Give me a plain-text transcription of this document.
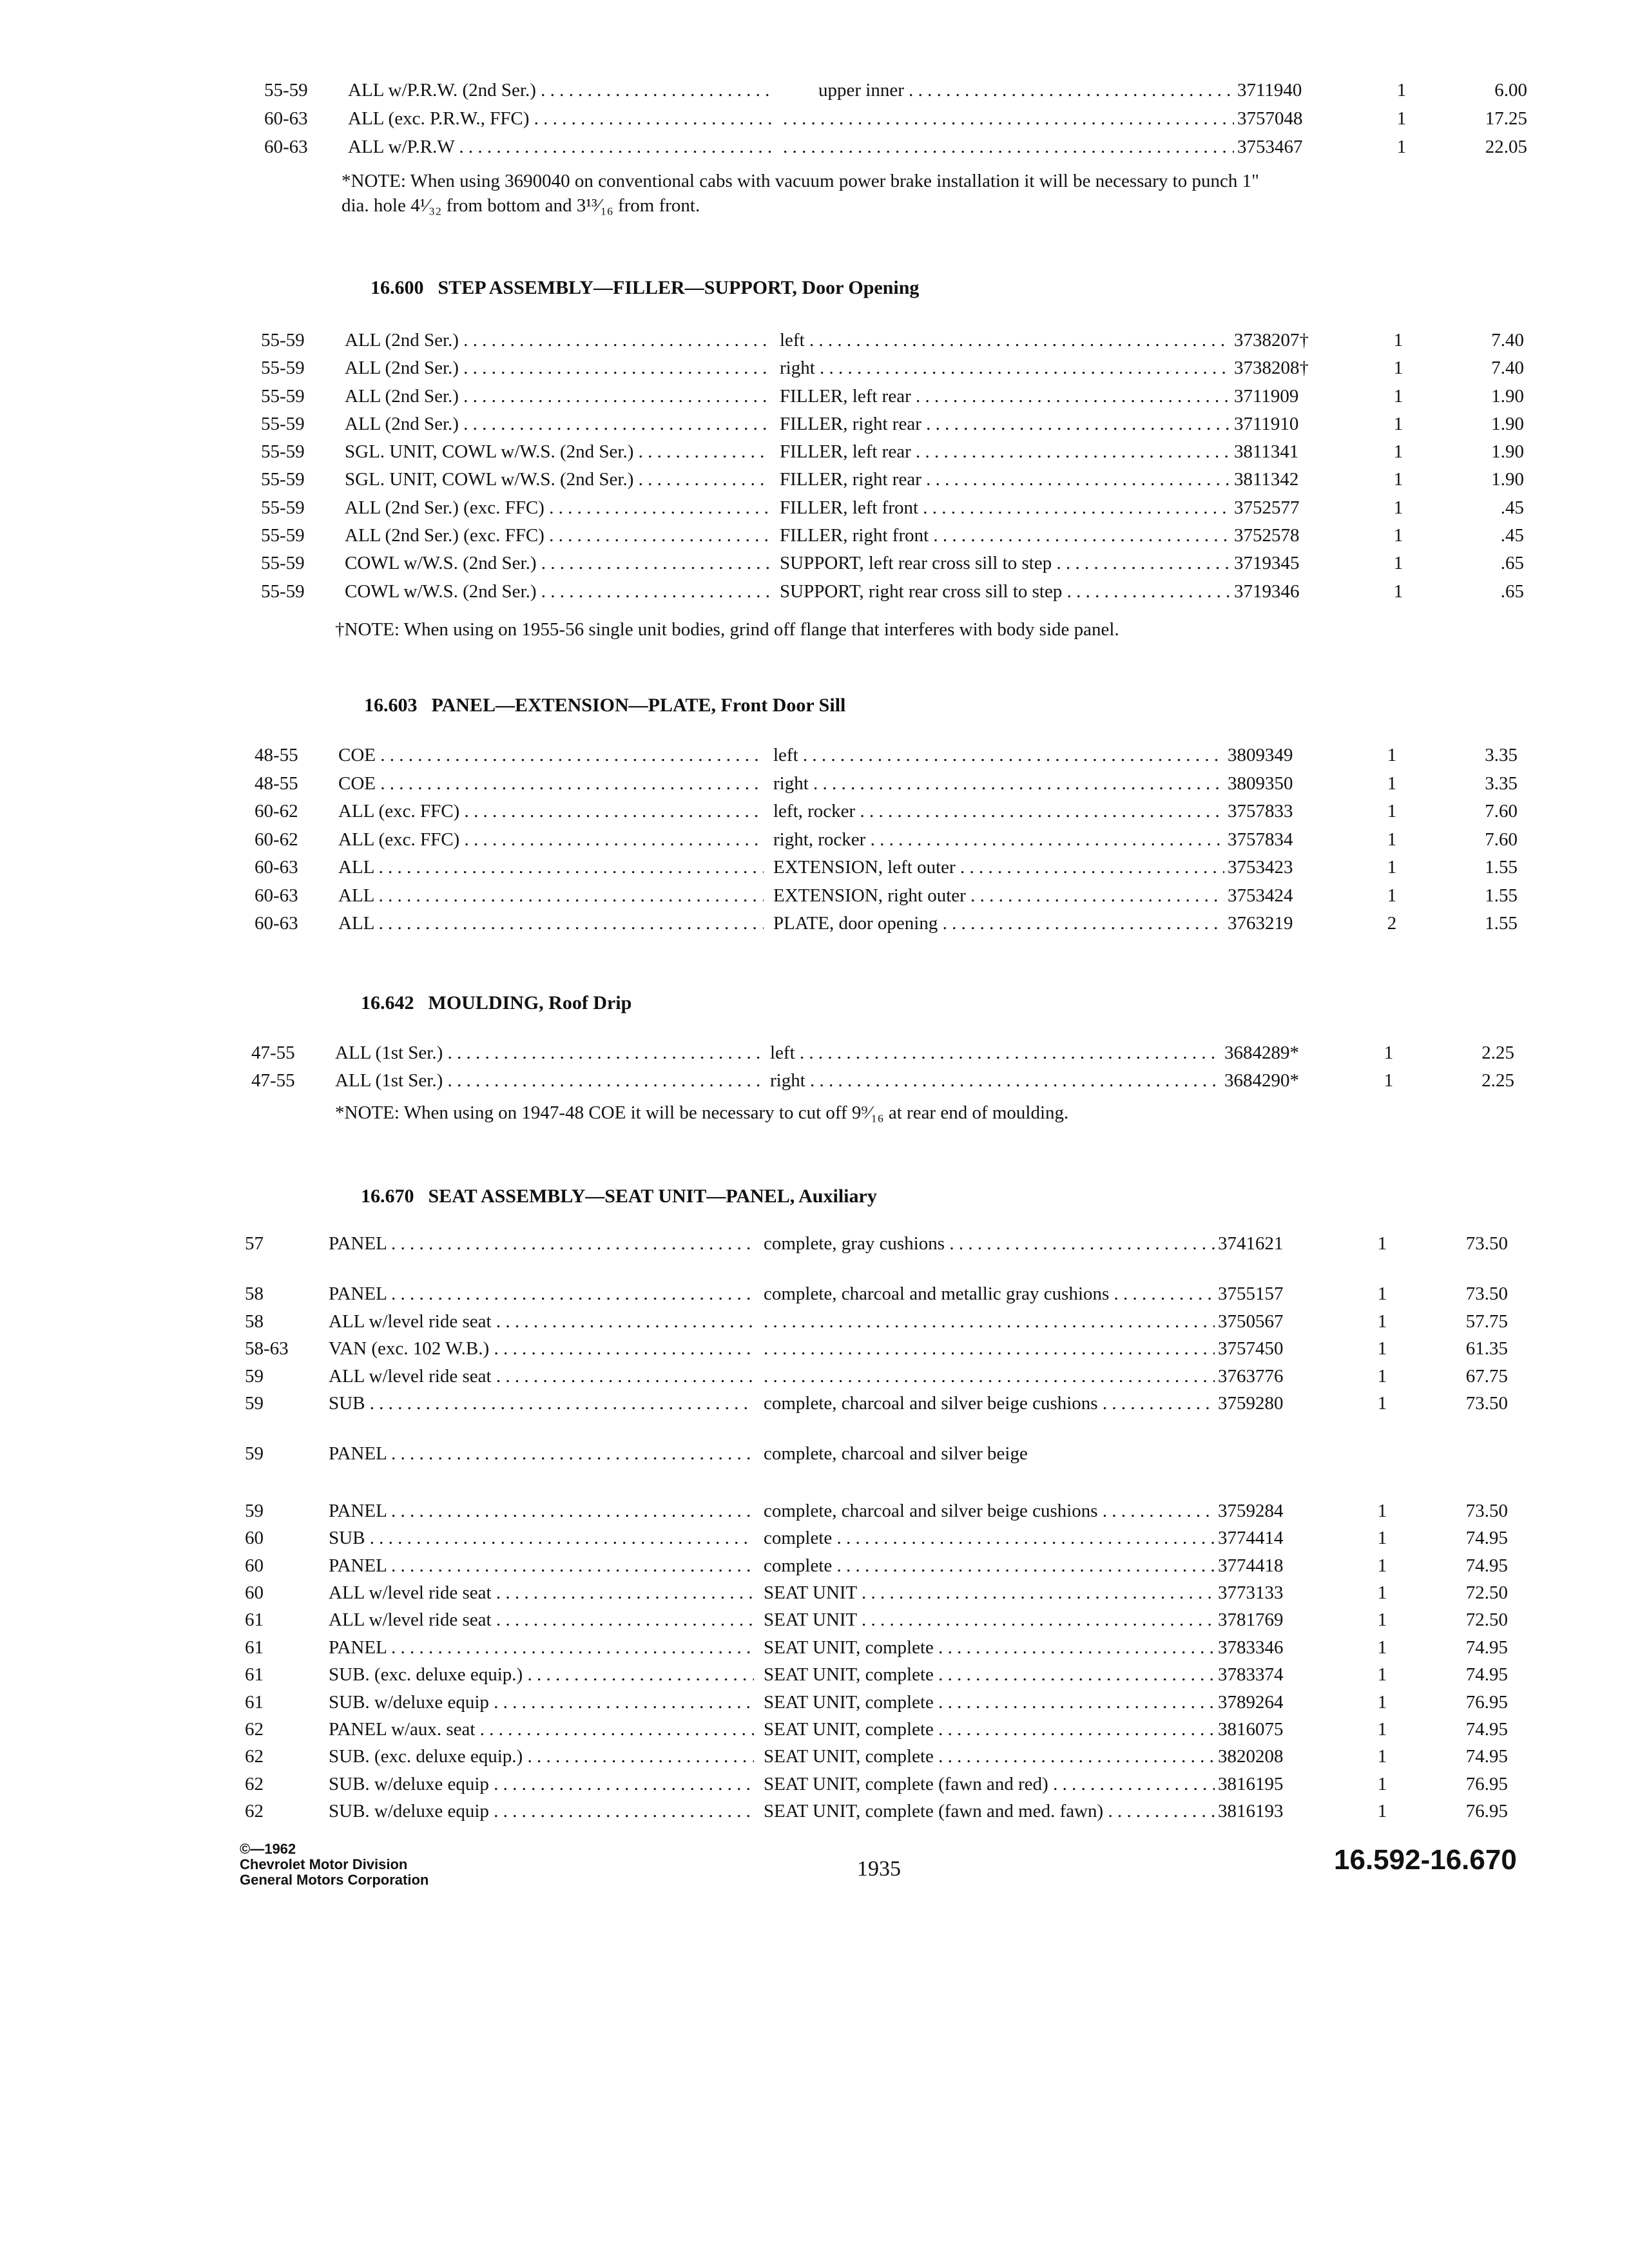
55-59	ALL w/P.R.W. (2nd Ser.) . . .	upper inner . . .	3711940	1	6.00
60-63	ALL (exc. P.R.W., FFC) . . . . . .	3757048	1	17.25
60-63	ALL w/P.R.W . . . . . .	3753467	1	22.05
*NOTE: When using 3690040 on conventional cabs with vacuum power brake installation it will be necessary to punch 1" dia. hole 4¹⁄₃₂ from bottom and 3¹³⁄₁₆ from front.
16.600 STEP ASSEMBLY—FILLER—SUPPORT, Door Opening
55-59	ALL (2nd Ser.) . . .	left . . .	3738207†	1	7.40
55-59	ALL (2nd Ser.) . . .	right . . .	3738208†	1	7.40
55-59	ALL (2nd Ser.) . . .	FILLER, left rear . . .	3711909	1	1.90
55-59	ALL (2nd Ser.) . . .	FILLER, right rear . . .	3711910	1	1.90
55-59	SGL. UNIT, COWL w/W.S. (2nd Ser.) . . .	FILLER, left rear . . .	3811341	1	1.90
55-59	SGL. UNIT, COWL w/W.S. (2nd Ser.) . . .	FILLER, right rear . . .	3811342	1	1.90
55-59	ALL (2nd Ser.) (exc. FFC) . . .	FILLER, left front . . .	3752577	1	.45
55-59	ALL (2nd Ser.) (exc. FFC) . . .	FILLER, right front . . .	3752578	1	.45
55-59	COWL w/W.S. (2nd Ser.) . . .	SUPPORT, left rear cross sill to step . . .	3719345	1	.65
55-59	COWL w/W.S. (2nd Ser.) . . .	SUPPORT, right rear cross sill to step . . .	3719346	1	.65
†NOTE: When using on 1955-56 single unit bodies, grind off flange that interferes with body side panel.
16.603 PANEL—EXTENSION—PLATE, Front Door Sill
48-55	COE . . .	left . . .	3809349	1	3.35
48-55	COE . . .	right . . .	3809350	1	3.35
60-62	ALL (exc. FFC) . . .	left, rocker . . .	3757833	1	7.60
60-62	ALL (exc. FFC) . . .	right, rocker . . .	3757834	1	7.60
60-63	ALL . . .	EXTENSION, left outer . . .	3753423	1	1.55
60-63	ALL . . .	EXTENSION, right outer . . .	3753424	1	1.55
60-63	ALL . . .	PLATE, door opening . . .	3763219	2	1.55
16.642 MOULDING, Roof Drip
47-55	ALL (1st Ser.) . . .	left . . .	3684289*	1	2.25
47-55	ALL (1st Ser.) . . .	right . . .	3684290*	1	2.25
*NOTE: When using on 1947-48 COE it will be necessary to cut off 9⁹⁄₁₆ at rear end of moulding.
16.670 SEAT ASSEMBLY—SEAT UNIT—PANEL, Auxiliary
57	PANEL . . .	complete, gray cushions . . .	3741621	1	73.50
58	PANEL . . .	complete, charcoal and metallic gray cushions . . .	3755157	1	73.50
58	ALL w/level ride seat . . . . . .	3750567	1	57.75
58-63	VAN (exc. 102 W.B.) . . . . . .	3757450	1	61.35
59	ALL w/level ride seat . . . . . .	3763776	1	67.75
59	SUB . . .	complete, charcoal and silver beige cushions . . .	3759280	1	73.50
59	PANEL . . .	complete, charcoal and silver beige
59	PANEL . . .	complete, charcoal and silver beige cushions . . .	3759284	1	73.50
60	SUB . . .	complete . . .	3774414	1	74.95
60	PANEL . . .	complete . . .	3774418	1	74.95
60	ALL w/level ride seat . . .	SEAT UNIT . . .	3773133	1	72.50
61	ALL w/level ride seat . . .	SEAT UNIT . . .	3781769	1	72.50
61	PANEL . . .	SEAT UNIT, complete . . .	3783346	1	74.95
61	SUB. (exc. deluxe equip.) . . .	SEAT UNIT, complete . . .	3783374	1	74.95
61	SUB. w/deluxe equip . . .	SEAT UNIT, complete . . .	3789264	1	76.95
62	PANEL w/aux. seat . . .	SEAT UNIT, complete . . .	3816075	1	74.95
62	SUB. (exc. deluxe equip.) . . .	SEAT UNIT, complete . . .	3820208	1	74.95
62	SUB. w/deluxe equip . . .	SEAT UNIT, complete (fawn and red) . . .	3816195	1	76.95
62	SUB. w/deluxe equip . . .	SEAT UNIT, complete (fawn and med. fawn) . . .	3816193	1	76.95
©—1962
Chevrolet Motor Division
General Motors Corporation	1935	16.592-16.670
